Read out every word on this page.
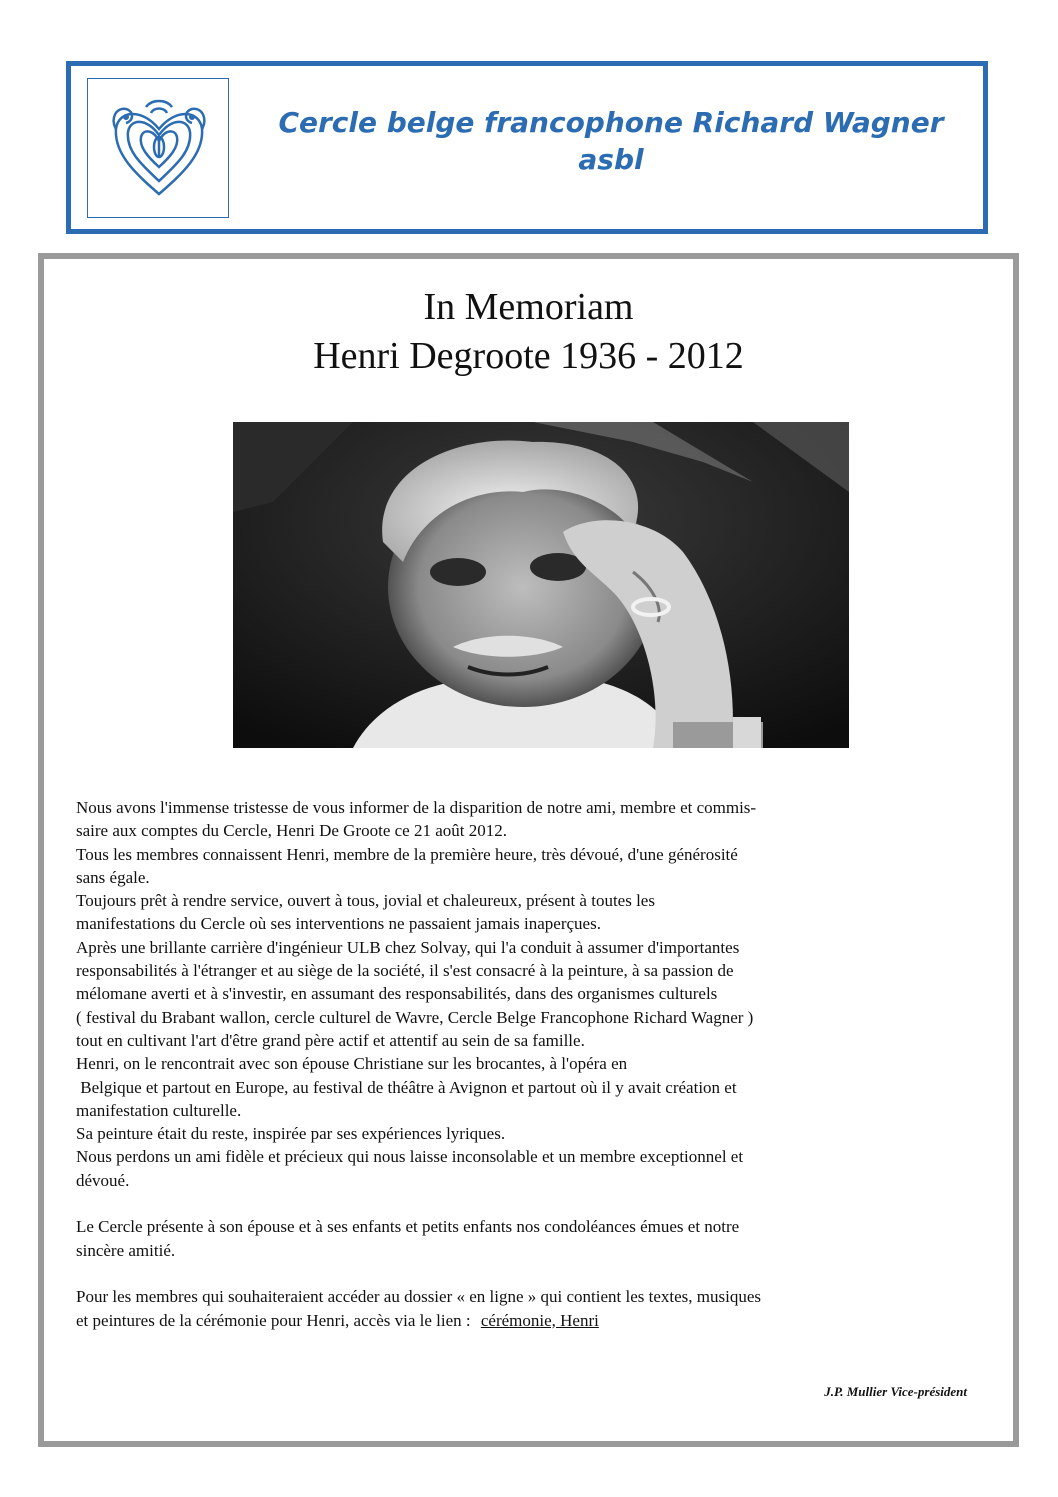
Cercle belge francophone Richard Wagner
asbl
In Memoriam
Henri Degroote 1936 - 2012

Nous avons l'immense tristesse de vous informer de la disparition de notre ami, membre et commis-

saire aux comptes du Cercle, Henri De Groote ce 21 août 2012.

Tous les membres connaissent Henri, membre de la première heure, très dévoué, d'une générosité

sans égale.

Toujours prêt à rendre service, ouvert à tous, jovial et chaleureux, présent à toutes les

manifestations du Cercle où ses interventions ne passaient jamais inaperçues.

Après une brillante carrière d'ingénieur ULB chez Solvay, qui l'a conduit à assumer d'importantes

responsabilités à l'étranger et au siège de la société, il s'est consacré à la peinture, à sa passion de

mélomane averti et à s'investir, en assumant des responsabilités, dans des organismes culturels

( festival du Brabant wallon, cercle culturel de Wavre, Cercle Belge Francophone Richard Wagner )

tout en cultivant l'art d'être grand père actif et attentif au sein de sa famille.

Henri, on le rencontrait avec son épouse Christiane sur les brocantes, à l'opéra en

Belgique et partout en Europe, au festival de théâtre à Avignon et partout où il y avait création et

manifestation culturelle.

Sa peinture était du reste, inspirée par ses expériences lyriques.

Nous perdons un ami fidèle et précieux qui nous laisse inconsolable et un membre exceptionnel et

dévoué.

Le Cercle présente à son épouse et à ses enfants et petits enfants nos condoléances émues et notre

sincère amitié.

Pour les membres qui souhaiteraient accéder au dossier « en ligne » qui contient les textes, musiques

et peintures de la cérémonie pour Henri, accès via le lien : cérémonie, Henri

J.P. Mullier Vice-président
